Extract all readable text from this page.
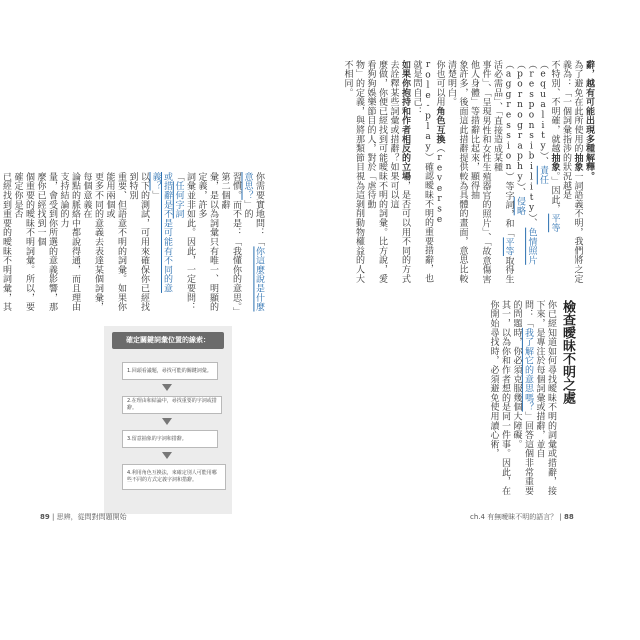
你需要實地問：「你這麼說是什麼意思？」的
習慣。而不是：「我懂你的意思。」第二個辭
彙，是以為詞彙只有唯一、明顯的定義，許多
詞彙並非如此。因此，一定要問：「任何字詞
或措辭是不是可能有不同的意義？」
以下的測試，可用來確保你已經找到特別
重要、但語意不明的詞彙。如果你能用兩個或
更多不同的意義去表達某個詞彙，每個意義在
論點的脈絡中都說得通，而且理由支持結論的力
量，會受到你所選的意義影響，那麼你已經找到一個
個重要的曖昧不明詞彙。所以，要確定你是否
已經找到重要的曖昧不明詞彙，其

確定關鍵詞彙位置的線索：
1.回頭看議題，尋找可能的關鍵詞彙。
2.在理由和結論中，尋找重要的字詞或措辭。
3.留意抽象的字詞和措辭。
4.利用角色互換法，來確定別人可能用哪些不同的方式定義字詞和措辭。
89 | 思辨，從問對問題開始
辭，越有可能出現多種解釋。
為了避免在此所使用的抽象一詞語義不明，我們將之定義為：「一個詞彙指涉的狀況越是
不特別、不明確，就越抽象。」因此，平等（equality）、責任（responsibility）、色情照片
（pornography）、侵略（aggression）等字詞，和「平等取得生活必需品」、「直接造成某種
事件」、「呈現男性和女性生殖器官的照片」、「故意傷害他人身體」等措辭比起來，顯得抽
象許多，後面這此措辭提供較為具體的畫面，意思比較清楚明白。
你也可以用角色互換（reverse role-play）確認曖昧不明的重要措辭，也就是問自己：
如果你抱持和作者相反的立場，是否可以用不同的方式去詮釋某些詞彙或措辭？如果可以這
麼做，你便已經找到可能曖昧不明的詞彙。比方說，愛看狗狗娛樂節目的人，對於「虐待動
物」的定義，與將那類節目視為這剝削動物權益的人大不相同。
檢查曖昧不明之處
你已經知道如何尋找曖昧不明的詞彙或措辭，接下來，是專注於每個詞彙或措辭，並自
問：「我了解它的意思嗎？」回答這個非常重要的問題時，你必須克服幾個大障礙。
其一，以為你和作者想的是同一件事。因此，在你開始尋找時，必須避免使用讀心術，
ch.4 有無曖昧不明的語言？ | 88
